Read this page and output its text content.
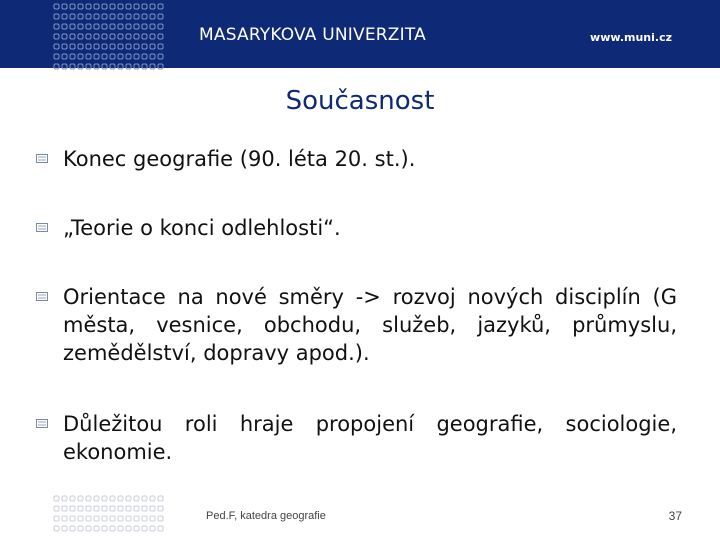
MASARYKOVA UNIVERZITA	www.muni.cz
Současnost
Konec geografie (90. léta 20. st.).
„Teorie o konci odlehlosti“.
Orientace na nové směry -> rozvoj nových disciplín (G města, vesnice, obchodu, služeb, jazyků, průmyslu, zemědělství, dopravy apod.).
Důležitou roli hraje propojení geografie, sociologie, ekonomie.
Ped.F, katedra geografie	37
